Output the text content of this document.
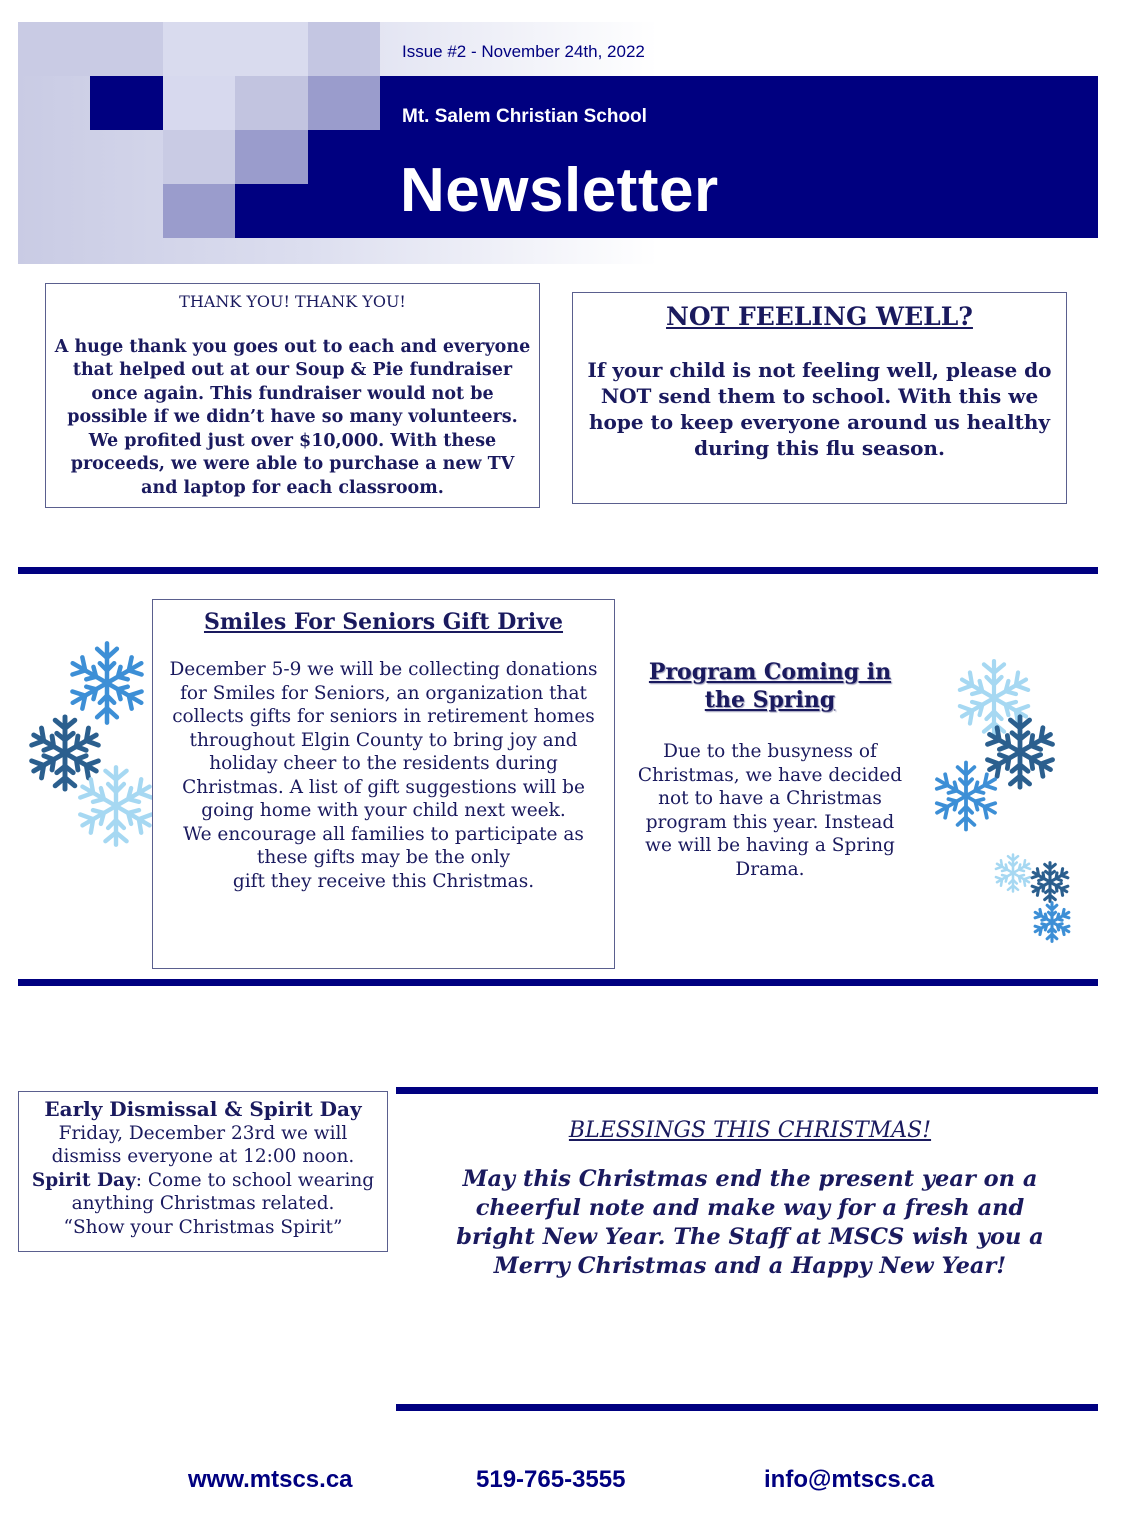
Issue #2 - November 24th, 2022
Mt. Salem Christian School
Newsletter
THANK YOU! THANK YOU!
A huge thank you goes out to each and everyone that helped out at our Soup & Pie fundraiser once again. This fundraiser would not be possible if we didn’t have so many volunteers. We profited just over $10,000. With these proceeds, we were able to purchase a new TV and laptop for each classroom.
NOT FEELING WELL?
If your child is not feeling well, please do NOT send them to school. With this we hope to keep everyone around us healthy during this flu season.
Smiles For Seniors Gift Drive
December 5-9 we will be collecting donations for Smiles for Seniors, an organization that collects gifts for seniors in retirement homes throughout Elgin County to bring joy and holiday cheer to the residents during Christmas. A list of gift suggestions will be going home with your child next week.
We encourage all families to participate as these gifts may be the only
gift they receive this Christmas.
Program Coming in the Spring
Due to the busyness of Christmas, we have decided not to have a Christmas program this year. Instead we will be having a Spring Drama.
Early Dismissal & Spirit Day
Friday, December 23rd we will dismiss everyone at 12:00 noon.
Spirit Day: Come to school wearing anything Christmas related.
“Show your Christmas Spirit”
BLESSINGS THIS CHRISTMAS!
May this Christmas end the present year on a cheerful note and make way for a fresh and bright New Year. The Staff at MSCS wish you a Merry Christmas and a Happy New Year!
www.mtscs.ca	519-765-3555	info@mtscs.ca
